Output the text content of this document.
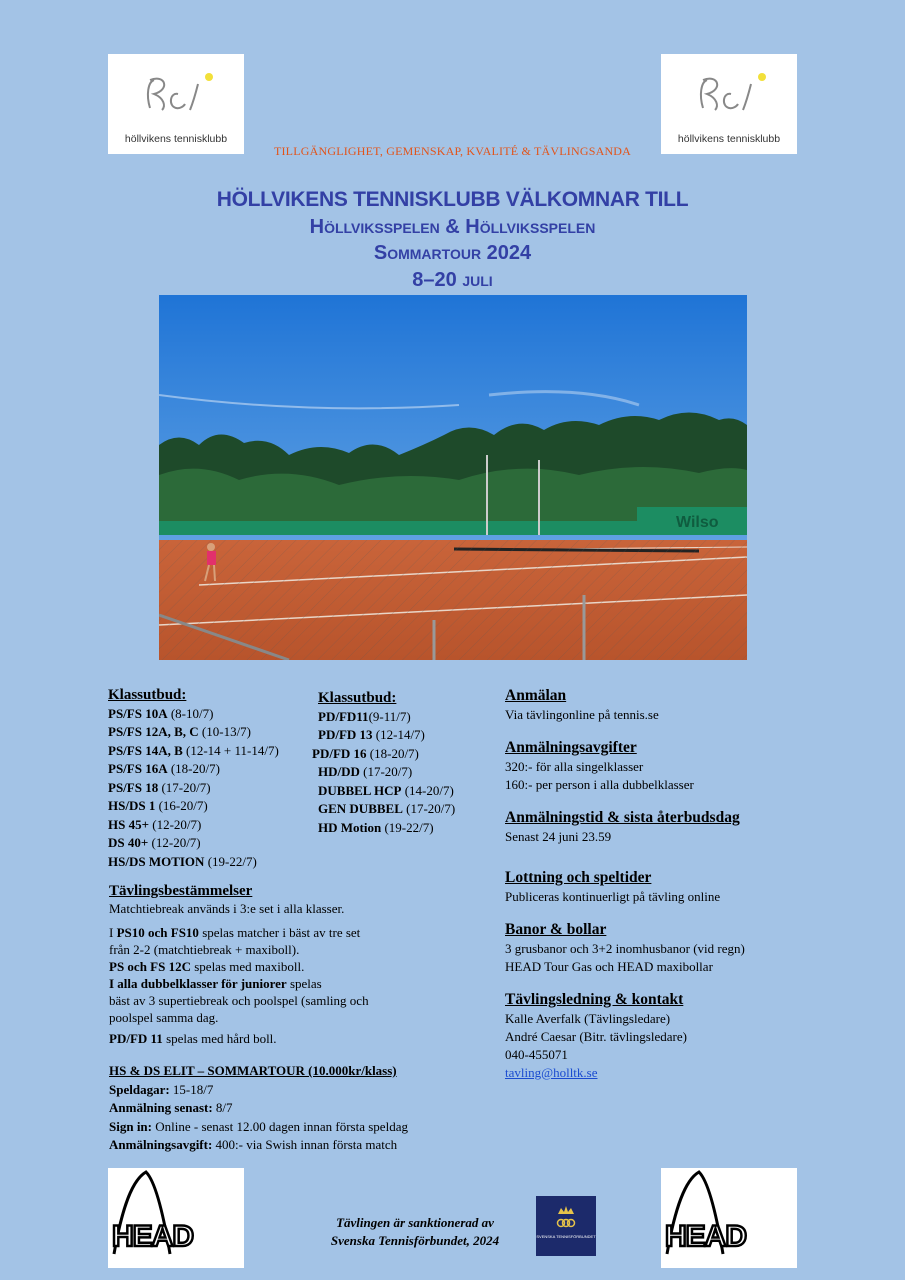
höllvikens tennisklubb	höllvikens tennisklubb
TILLGÄNGLIGHET, GEMENSKAP, KVALITÉ & TÄVLINGSANDA
HÖLLVIKENS TENNISKLUBB VÄLKOMNAR TILL
Höllviksspelen & Höllviksspelen
Sommartour 2024
8–20 juli
Wilso
Klassutbud:
PS/FS 10A (8-10/7)
PS/FS 12A, B, C (10-13/7)
PS/FS 14A, B (12-14 + 11-14/7)
PS/FS 16A (18-20/7)
PS/FS 18 (17-20/7)
HS/DS 1 (16-20/7)
HS 45+ (12-20/7)
DS 40+ (12-20/7)
HS/DS MOTION (19-22/7)
Klassutbud:
PD/FD11(9-11/7)
PD/FD 13 (12-14/7)
PD/FD 16 (18-20/7)
HD/DD (17-20/7)
DUBBEL HCP (14-20/7)
GEN DUBBEL (17-20/7)
HD Motion (19-22/7)
Tävlingsbestämmelser
Matchtiebreak används i 3:e set i alla klasser.
I PS10 och FS10 spelas matcher i bäst av tre set
från 2-2 (matchtiebreak + maxiboll).
PS och FS 12C spelas med maxiboll.
I alla dubbelklasser för juniorer spelas
bäst av 3 supertiebreak och poolspel (samling och
poolspel samma dag.
PD/FD 11 spelas med hård boll.
HS & DS ELIT – SOMMARTOUR (10.000kr/klass)
Speldagar: 15-18/7
Anmälning senast: 8/7
Sign in: Online - senast 12.00 dagen innan första speldag
Anmälningsavgift: 400:- via Swish innan första match
Anmälan
Via tävlingonline på tennis.se
Anmälningsavgifter
320:- för alla singelklasser
160:- per person i alla dubbelklasser
Anmälningstid & sista återbudsdag
Senast 24 juni 23.59
Lottning och speltider
Publiceras kontinuerligt på tävling online
Banor & bollar
3 grusbanor och 3+2 inomhusbanor (vid regn)
HEAD Tour Gas och HEAD maxibollar
Tävlingsledning & kontakt
Kalle Averfalk (Tävlingsledare)
André Caesar (Bitr. tävlingsledare)
040-455071
tavling@holltk.se
HEAD	HEAD
Tävlingen är sanktionerad av
Svenska Tennisförbundet, 2024	SVENSKA TENNISFÖRBUNDET
